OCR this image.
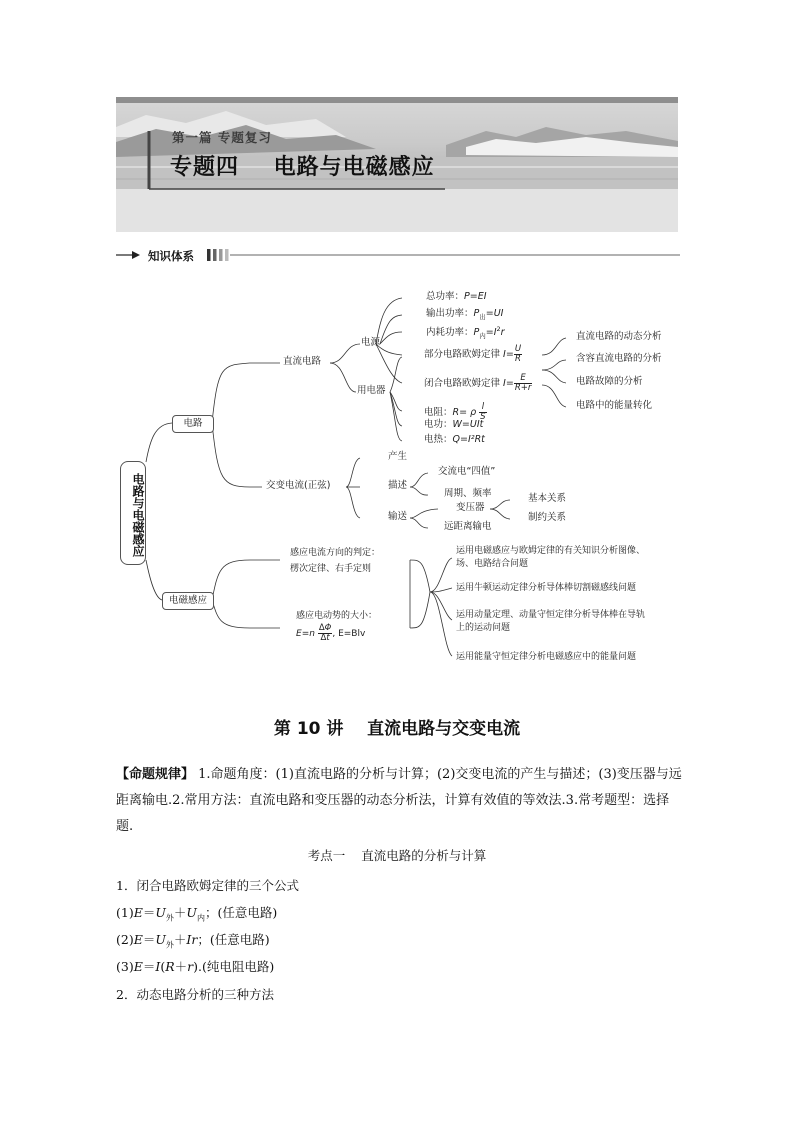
第一篇 专题复习
专题四    电路与电磁感应
知识体系
电路与电磁感应
电路
电磁感应
直流电路
电源
用电器
总功率：P=EI
输出功率：$P_出=UI$
内耗功率：$P_内=I^2r$
部分电路欧姆定律 $I= \frac{U}{R}$
闭合电路欧姆定律 $I= \frac{E}{R+r}$
电阻：R= ρ $\frac{l}{S}$
电功：W=UIt
电热：Q=I²Rt
直流电路的动态分析
含容直流电路的分析
电路故障的分析
电路中的能量转化
交变电流(正弦)
产生
描述
输送
交流电“四值”
周期、频率
变压器
远距离输电
基本关系
制约关系
感应电流方向的判定：
楞次定律、右手定则
感应电动势的大小：
$E=n \frac{\Delta\Phi}{\Delta t}$ , E=Blv
运用电磁感应与欧姆定律的有关知识分析图像、
场、电路结合问题
运用牛顿运动定律分析导体棒切割磁感线问题
运用动量定理、动量守恒定律分析导体棒在导轨
上的运动问题
运用能量守恒定律分析电磁感应中的能量问题
第 10 讲    直流电路与交变电流
【命题规律】 1.命题角度：(1)直流电路的分析与计算；(2)交变电流的产生与描述；(3)变压器与远距离输电.2.常用方法：直流电路和变压器的动态分析法，计算有效值的等效法.3.常考题型：选择题.
考点一    直流电路的分析与计算
1．闭合电路欧姆定律的三个公式
$(1)E=U_外+U_内$；(任意电路)
$(2)E=U_外+Ir$；(任意电路)
(3)E＝I(R＋r).(纯电阻电路)
2．动态电路分析的三种方法
